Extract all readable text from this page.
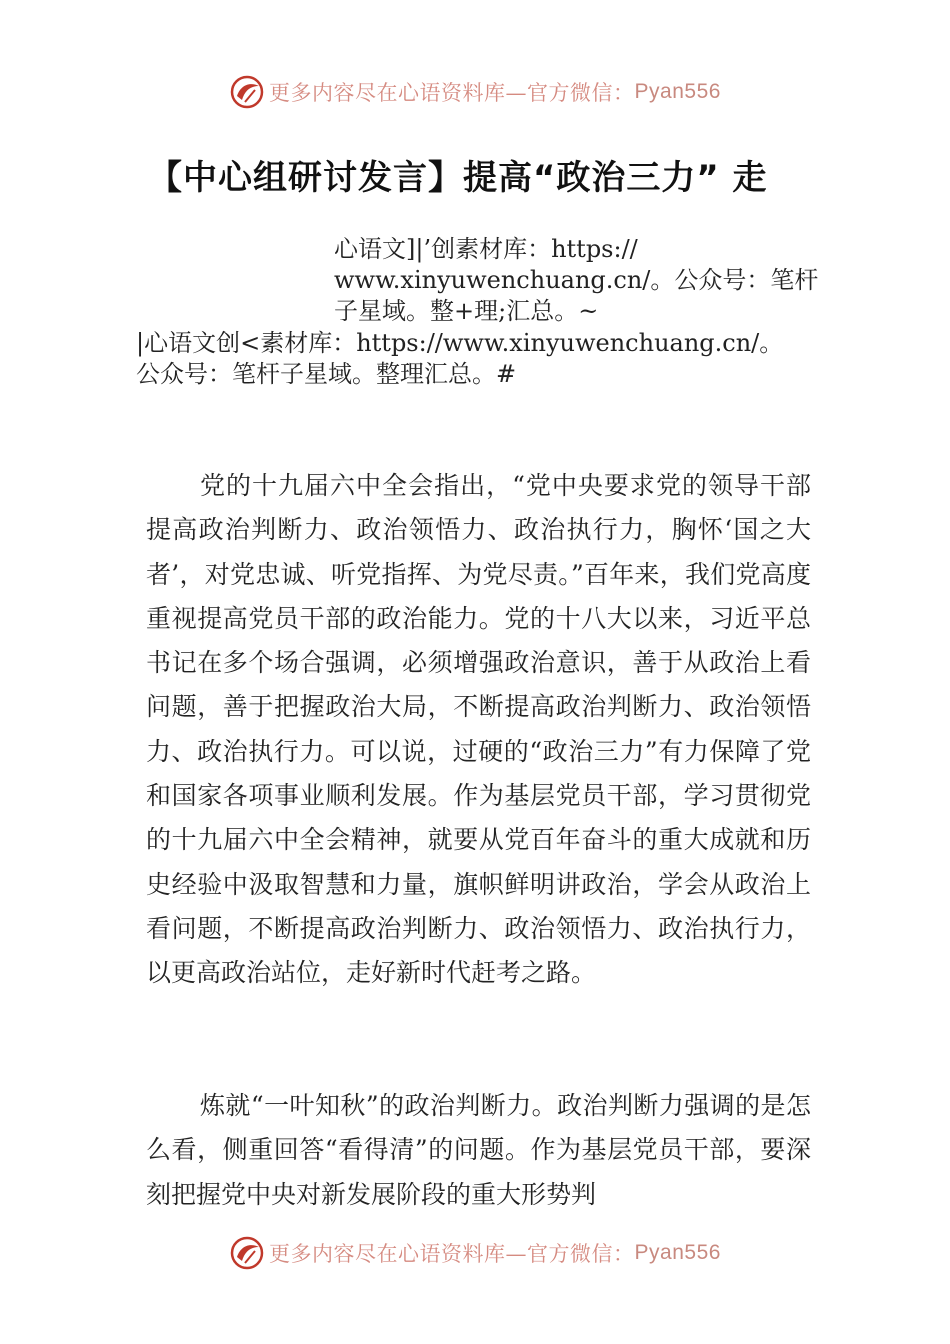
更多内容尽在心语资料库—官方微信： Pyan556
【中心组研讨发言】提高“政治三力” 走
心语文]|’创素材库：https://
www.xinyuwenchuang.cn/。公众号：笔杆
子星域。整+理;汇总。~
|心语文创<素材库：https://www.xinyuwenchuang.cn/。
公众号：笔杆子星域。整理汇总。#

党的十九届六中全会指出，“党中央要求党的领导干部提高政治判断力、政治领悟力、政治执行力，胸怀‘国之大者’，对党忠诚、听党指挥、为党尽责。”百年来，我们党高度重视提高党员干部的政治能力。党的十八大以来，习近平总书记在多个场合强调，必须增强政治意识，善于从政治上看问题，善于把握政治大局，不断提高政治判断力、政治领悟力、政治执行力。可以说，过硬的“政治三力”有力保障了党和国家各项事业顺利发展。作为基层党员干部，学习贯彻党的十九届六中全会精神，就要从党百年奋斗的重大成就和历史经验中汲取智慧和力量，旗帜鲜明讲政治，学会从政治上看问题，不断提高政治判断力、政治领悟力、政治执行力，以更高政治站位，走好新时代赶考之路。

炼就“一叶知秋”的政治判断力。政治判断力强调的是怎么看，侧重回答“看得清”的问题。作为基层党员干部，要深刻把握党中央对新发展阶段的重大形势判

更多内容尽在心语资料库—官方微信： Pyan556
